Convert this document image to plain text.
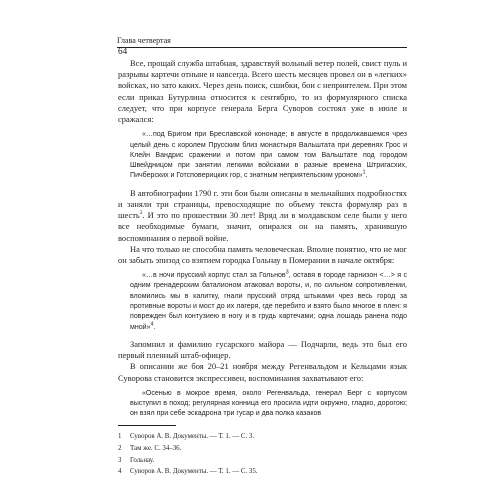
64
Глава четвертая

Все, прощай служба штабная, здравствуй вольный ветер полей, свист пуль и разрывы картечи отныне и навсегда. Всего шесть месяцев провел он в «легких» войсках, но зато каких. Через день поиск, сшибки, бои с неприятелем. При этом если приказ Бутурлина относится к сентябрю, то из формулярного списка следует, что при корпусе генерала Берга Суворов состоял уже в июле и сражался:

«…под Бригом при Бреславской кононаде; в августе в продолжавшемся чрез целый день с королем Прусским близ монастыря Вальштата при деревнях Грос и Клейн Вандрис сражении и потом при самом том Вальштате под городом Швейдницом при занятии легкими войсками в разные времена Штригасхих, Пичберских и Готсповерицких гор, с знатным неприятельским уроном»$^1$.

В автобиографии 1790 г. эти бои были описаны в мельчайших подробностях и заняли три страницы, превосходящие по объему текста формуляр раз в шесть$^2$. И это по прошествии 30 лет! Вряд ли в молдавском селе были у него все необходимые бумаги, значит, опирался он на память, хранившую воспоминания о первой войне.

На что только не способна память человеческая. Вполне понятно, что не мог он забыть эпизод со взятием городка Гольнау в Померании в начале октября:

«…в ночи прусский корпус стал за Гольнов$^3$, оставя в городе гарнизон <…> я с одним гренадерским баталионом атаковал вороты, и, по сильном сопротивлении, вломились мы в калитку, гнали прусский отряд штыками чрез весь город за противные вороты и мост до их лагеря, где перебито и взято было многое в плен: я поврежден был контузиею в ногу и в грудь картечами; одна лошадь ранена подо мной»$^4$.

Запомнил и фамилию гусарского майора — Подчарли, ведь это был его первый пленный штаб-офицер.

В описании же боя 20–21 ноября между Регенвальдом и Кельцами язык Суворова становится экспрессивен, воспоминания захватывают его:

«Осенью в мокрое время, около Регенвальда, генерал Берг с корпусом выступил в поход; регулярная конница его просила идти окружно, гладко, дорогою; он взял при себе эскадрона три гусар и два полка казаков
1 Суворов А. В. Документы. — Т. 1. — С. 3.
2 Там же. С. 34–36.
3 Гольнау.
4 Суворов А. В. Документы. — Т. 1. — С. 35.
